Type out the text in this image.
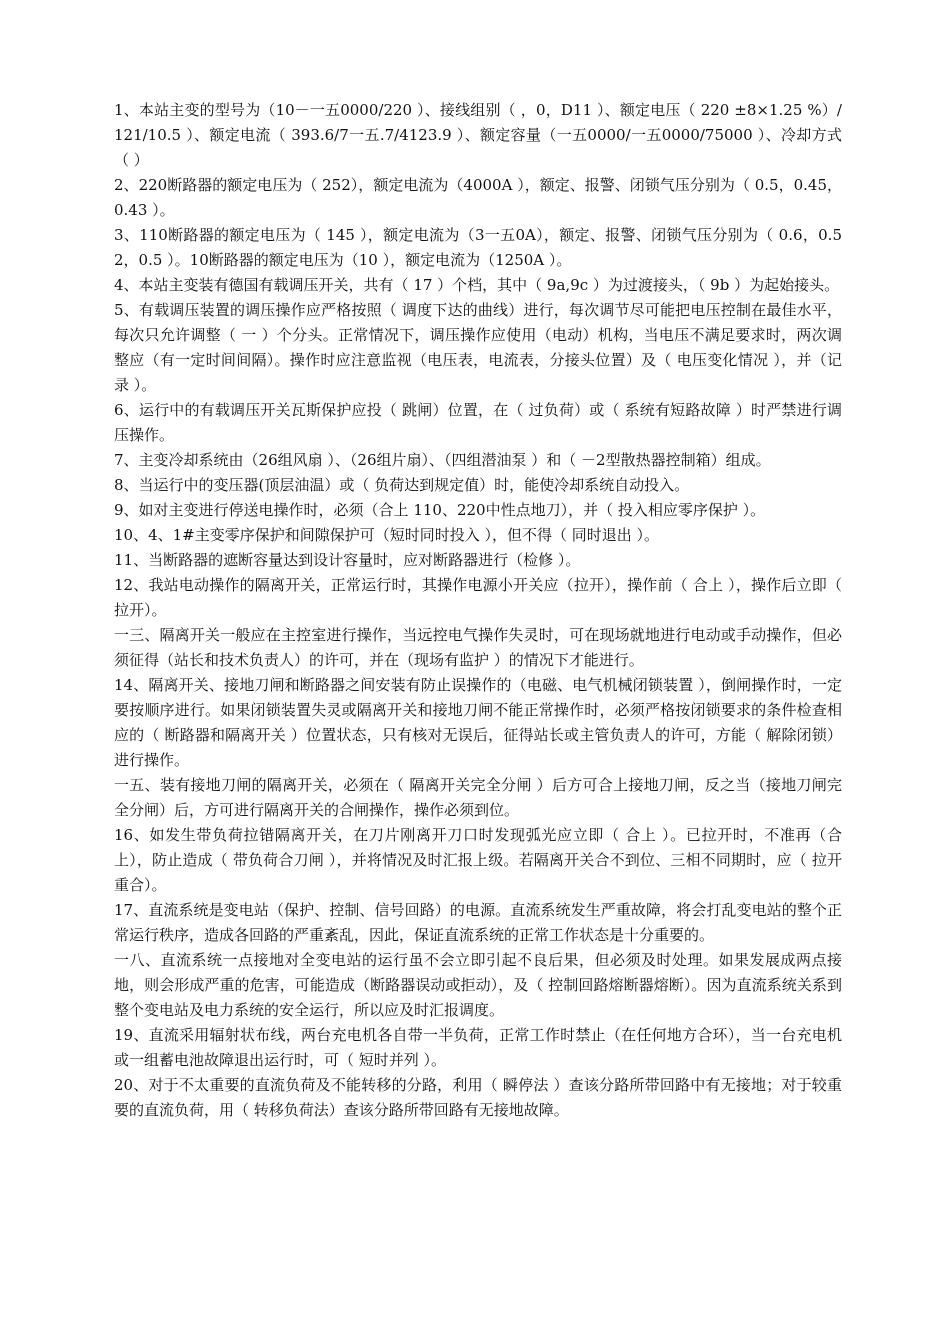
1、本站主变的型号为（10－一五0000/220 ）、接线组别（ ，0，D11 ）、额定电压（ 220 ±8×1.25 %）/121/10.5 ）、额定电流（ 393.6/7一五.7/4123.9 ）、额定容量（一五0000/一五0000/75000 ）、冷却方式（ ）

2、220断路器的额定电压为（ 252），额定电流为（4000A ），额定、报警、闭锁气压分别为（ 0.5，0.45，0.43 ）。

3、110断路器的额定电压为（ 145 ），额定电流为（3一五0A），额定、报警、闭锁气压分别为（ 0.6，0.52，0.5 ）。10断路器的额定电压为（10 ），额定电流为（1250A ）。

4、本站主变装有德国有载调压开关，共有（ 17 ）个档，其中（ 9a,9c ）为过渡接头，（ 9b ）为起始接头。

5、有载调压装置的调压操作应严格按照（ 调度下达的曲线）进行，每次调节尽可能把电压控制在最佳水平，每次只允许调整（ 一 ）个分头。正常情况下，调压操作应使用（电动）机构，当电压不满足要求时，两次调整应（有一定时间间隔）。操作时应注意监视（电压表，电流表，分接头位置）及（ 电压变化情况 ），并（记录 ）。

6、运行中的有载调压开关瓦斯保护应投（ 跳闸）位置，在（ 过负荷）或（ 系统有短路故障 ）时严禁进行调压操作。

7、主变冷却系统由（26组风扇 ）、（26组片扇）、（四组潜油泵 ）和（ －2型散热器控制箱）组成。

8、当运行中的变压器(顶层油温）或（ 负荷达到规定值）时，能使冷却系统自动投入。

9、如对主变进行停送电操作时，必须（合上 110、220中性点地刀），并（ 投入相应零序保护 ）。

10、4、1#主变零序保护和间隙保护可（短时同时投入 ），但不得（ 同时退出 ）。

11、当断路器的遮断容量达到设计容量时，应对断路器进行（检修 ）。

12、我站电动操作的隔离开关，正常运行时，其操作电源小开关应（拉开），操作前（ 合上 ），操作后立即（ 拉开）。

一三、隔离开关一般应在主控室进行操作，当远控电气操作失灵时，可在现场就地进行电动或手动操作，但必须征得（站长和技术负责人）的许可，并在（现场有监护 ）的情况下才能进行。

14、隔离开关、接地刀闸和断路器之间安装有防止误操作的（电磁、电气机械闭锁装置 ），倒闸操作时，一定要按顺序进行。如果闭锁装置失灵或隔离开关和接地刀闸不能正常操作时，必须严格按闭锁要求的条件检查相应的（ 断路器和隔离开关 ）位置状态，只有核对无误后，征得站长或主管负责人的许可，方能（ 解除闭锁）进行操作。

一五、装有接地刀闸的隔离开关，必须在（ 隔离开关完全分闸 ）后方可合上接地刀闸，反之当（接地刀闸完全分闸）后，方可进行隔离开关的合闸操作，操作必须到位。

16、如发生带负荷拉错隔离开关，在刀片刚离开刀口时发现弧光应立即（ 合上 ）。已拉开时，不准再（合上），防止造成（ 带负荷合刀闸 ），并将情况及时汇报上级。若隔离开关合不到位、三相不同期时，应（ 拉开重合）。

17、直流系统是变电站（保护、控制、信号回路）的电源。直流系统发生严重故障，将会打乱变电站的整个正常运行秩序，造成各回路的严重紊乱，因此，保证直流系统的正常工作状态是十分重要的。

一八、直流系统一点接地对全变电站的运行虽不会立即引起不良后果，但必须及时处理。如果发展成两点接地，则会形成严重的危害，可能造成（断路器误动或拒动），及（ 控制回路熔断器熔断）。因为直流系统关系到整个变电站及电力系统的安全运行，所以应及时汇报调度。

19、直流采用辐射状布线，两台充电机各自带一半负荷，正常工作时禁止（在任何地方合环），当一台充电机或一组蓄电池故障退出运行时，可（ 短时并列 ）。

20、对于不太重要的直流负荷及不能转移的分路，利用（ 瞬停法 ）查该分路所带回路中有无接地；对于较重要的直流负荷，用（ 转移负荷法）查该分路所带回路有无接地故障。
